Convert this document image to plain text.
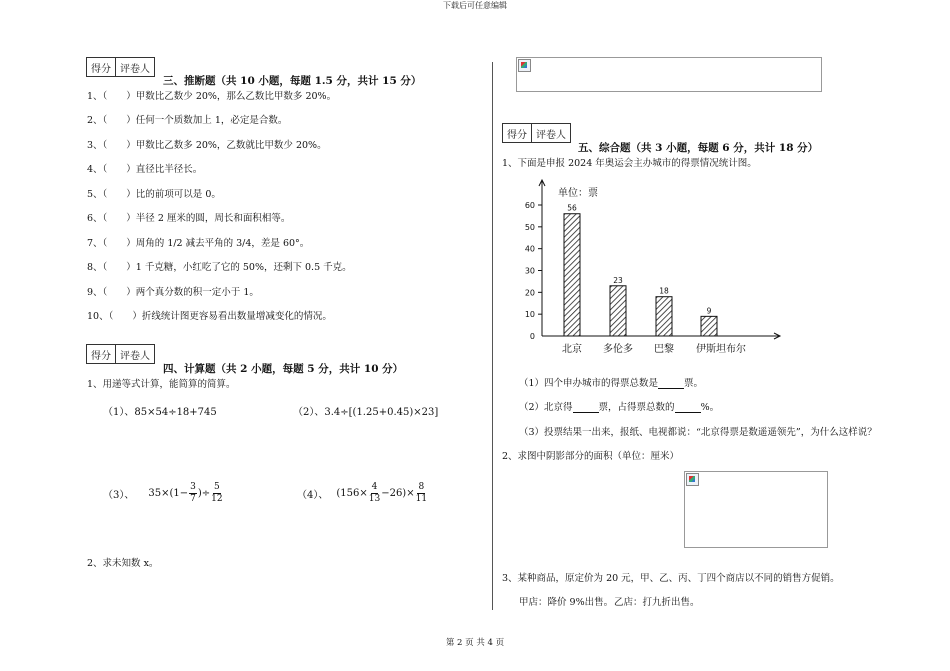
下载后可任意编辑
第 2 页 共 4 页
得分 评卷人
三、推断题（共 10 小题，每题 1.5 分，共计 15 分）
1、（　　）甲数比乙数少 20%，那么乙数比甲数多 20%。
2、（　　）任何一个质数加上 1，必定是合数。
3、（　　）甲数比乙数多 20%，乙数就比甲数少 20%。
4、（　　）直径比半径长。
5、（　　）比的前项可以是 0。
6、（　　）半径 2 厘米的圆，周长和面积相等。
7、（　　）周角的 1/2 减去平角的 3/4，差是 60°。
8、（　　）1 千克糖，小红吃了它的 50%，还剩下 0.5 千克。
9、（　　）两个真分数的积一定小于 1。
10、（　　）折线统计图更容易看出数量增减变化的情况。
得分 评卷人
四、计算题（共 2 小题，每题 5 分，共计 10 分）
1、用递等式计算，能简算的简算。
（1）、85×54÷18+745	（2）、3.4÷[(1.25+0.45)×23]
（3）、 $35\times(1- \frac{3}{7}$ )÷ $\frac{5}{12}$	（4）、 $(156\times \frac{4}{13} -26)\times \frac{8}{11}$
2、求未知数 x。
得分 评卷人
五、综合题（共 3 小题，每题 6 分，共计 18 分）
1、下面是申报 2024 年奥运会主办城市的得票情况统计图。
单位：票
0
10
20
30
40
50
60	56
北京
23
多伦多
18
巴黎
9
伊斯坦布尔
（1）四个申办城市的得票总数是	票。
（2）北京得	票，占得票总数的	%。
（3）投票结果一出来，报纸、电视都说：“北京得票是数遥遥领先”，为什么这样说？
2、求图中阴影部分的面积（单位：厘米）
3、某种商品，原定价为 20 元，甲、乙、丙、丁四个商店以不同的销售方促销。
甲店：降价 9%出售。 乙店：打九折出售。
